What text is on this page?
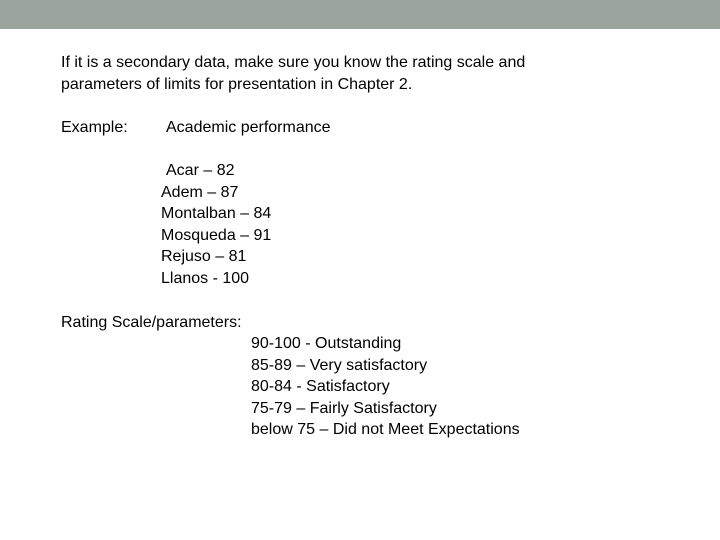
If it is a secondary data, make sure you know the rating scale and
parameters of limits for presentation in Chapter 2.
Example: Academic performance
Acar – 82
Adem – 87
Montalban – 84
Mosqueda – 91
Rejuso – 81
Llanos - 100
Rating Scale/parameters:
90-100 - Outstanding
85-89 – Very satisfactory
80-84 - Satisfactory
75-79 – Fairly Satisfactory
below 75 – Did not Meet Expectations
